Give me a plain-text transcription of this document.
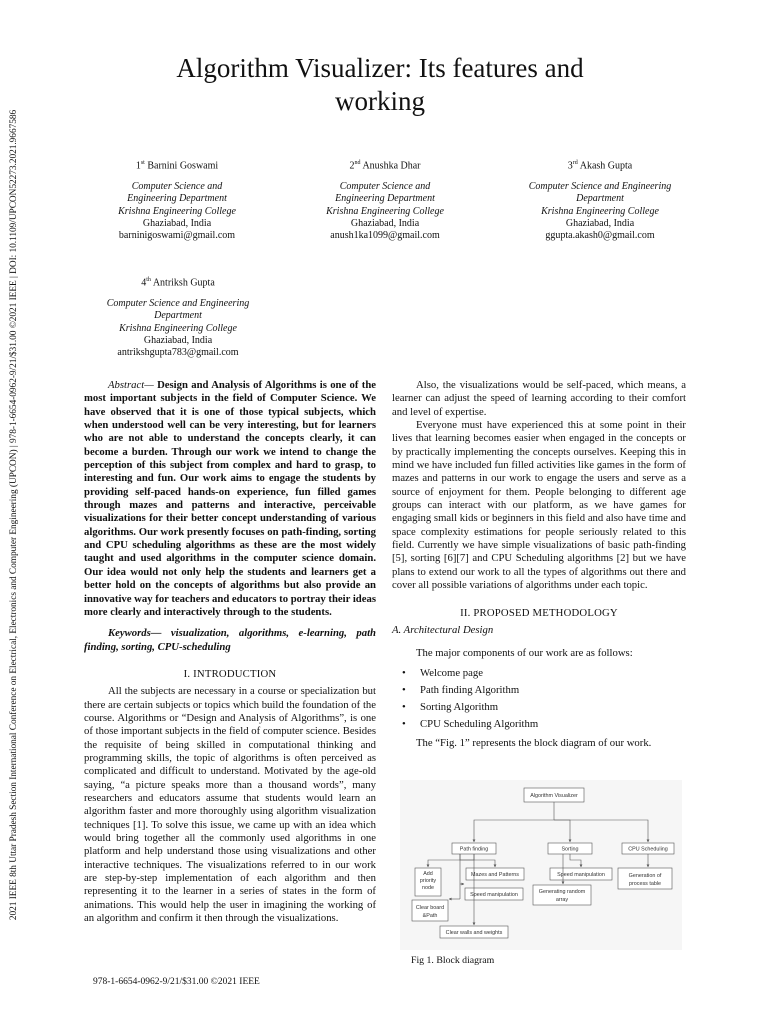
2021 IEEE 8th Uttar Pradesh Section International Conference on Electrical, Electronics and Computer Engineering (UPCON) | 978-1-6654-0962-9/21/$31.00 ©2021 IEEE | DOI: 10.1109/UPCON52273.2021.9667586
Algorithm Visualizer: Its features and working
1st Barnini Goswami
Computer Science and Engineering Department
Krishna Engineering College
Ghaziabad, India
barninigoswami@gmail.com
2nd Anushka Dhar
Computer Science and Engineering Department
Krishna Engineering College
Ghaziabad, India
anush1ka1099@gmail.com
3rd Akash Gupta
Computer Science and Engineering Department
Krishna Engineering College
Ghaziabad, India
ggupta.akash0@gmail.com
4th Antriksh Gupta
Computer Science and Engineering Department
Krishna Engineering College
Ghaziabad, India
antrikshgupta783@gmail.com

Abstract— Design and Analysis of Algorithms is one of the most important subjects in the field of Computer Science. We have observed that it is one of those typical subjects, which when understood well can be very interesting, but for learners who are not able to understand the concepts clearly, it can become a burden. Through our work we intend to change the perception of this subject from complex and hard to grasp, to interesting and fun. Our work aims to engage the students by providing self-paced hands-on experience, fun filled games through mazes and patterns and interactive, perceivable visualizations for their better concept understanding of various algorithms. Our work presently focuses on path-finding, sorting and CPU scheduling algorithms as these are the most widely taught and used algorithms in the computer science domain. Our idea would not only help the students and learners get a better hold on the concepts of algorithms but also provide an innovative way for teachers and educators to portray their ideas more clearly and interactively through to the students.

Keywords— visualization, algorithms, e-learning, path finding, sorting, CPU-scheduling

I. INTRODUCTION

All the subjects are necessary in a course or specialization but there are certain subjects or topics which build the foundation of the course. Algorithms or “Design and Analysis of Algorithms”, is one of those important subjects in the field of computer science. Besides the requisite of being skilled in computational thinking and programming skills, the topic of algorithms is often perceived as complicated and difficult to understand. Motivated by the age-old saying, “a picture speaks more than a thousand words”, many researchers and educators assume that students would learn an algorithm faster and more thoroughly using algorithm visualization techniques [1]. To solve this issue, we came up with an idea which would bring together all the commonly used algorithms in one platform and help understand those using visualizations and other interactive techniques. The visualizations referred to in our work are step-by-step implementation of each algorithm and then representing it to the learner in a series of states in the form of animations. This would help the user in imagining the working of an algorithm and confirm it then through the visualizations.

Also, the visualizations would be self-paced, which means, a learner can adjust the speed of learning according to their comfort and level of expertise.

Everyone must have experienced this at some point in their lives that learning becomes easier when engaged in the concepts or by practically implementing the concepts ourselves. Keeping this in mind we have included fun filled activities like games in the form of mazes and patterns in our work to engage the users and serve as a source of enjoyment for them. People belonging to different age groups can interact with our platform, as we have games for engaging small kids or beginners in this field and also have time and space complexity estimations for people seriously related to this field. Currently we have simple visualizations of basic path-finding [5], sorting [6][7] and CPU Scheduling algorithms [2] but we have plans to extend our work to all the types of algorithms out there and cover all possible variations of algorithms under each topic.

II. PROPOSED METHODOLOGY

A. Architectural Design

The major components of our work are as follows:

• Welcome page
• Path finding Algorithm
• Sorting Algorithm
• CPU Scheduling Algorithm

The “Fig. 1” represents the block diagram of our work.

Algorithm Visualizer
Path finding	Sorting	CPU Scheduling
Add
priority
node
Mazes and Patterns
Speed manipulation
Clear board
&Path
Clear walls and weights
Speed manipulation
Generating random
array
Generation of
process table
Fig 1. Block diagram
978-1-6654-0962-9/21/$31.00 ©2021 IEEE
